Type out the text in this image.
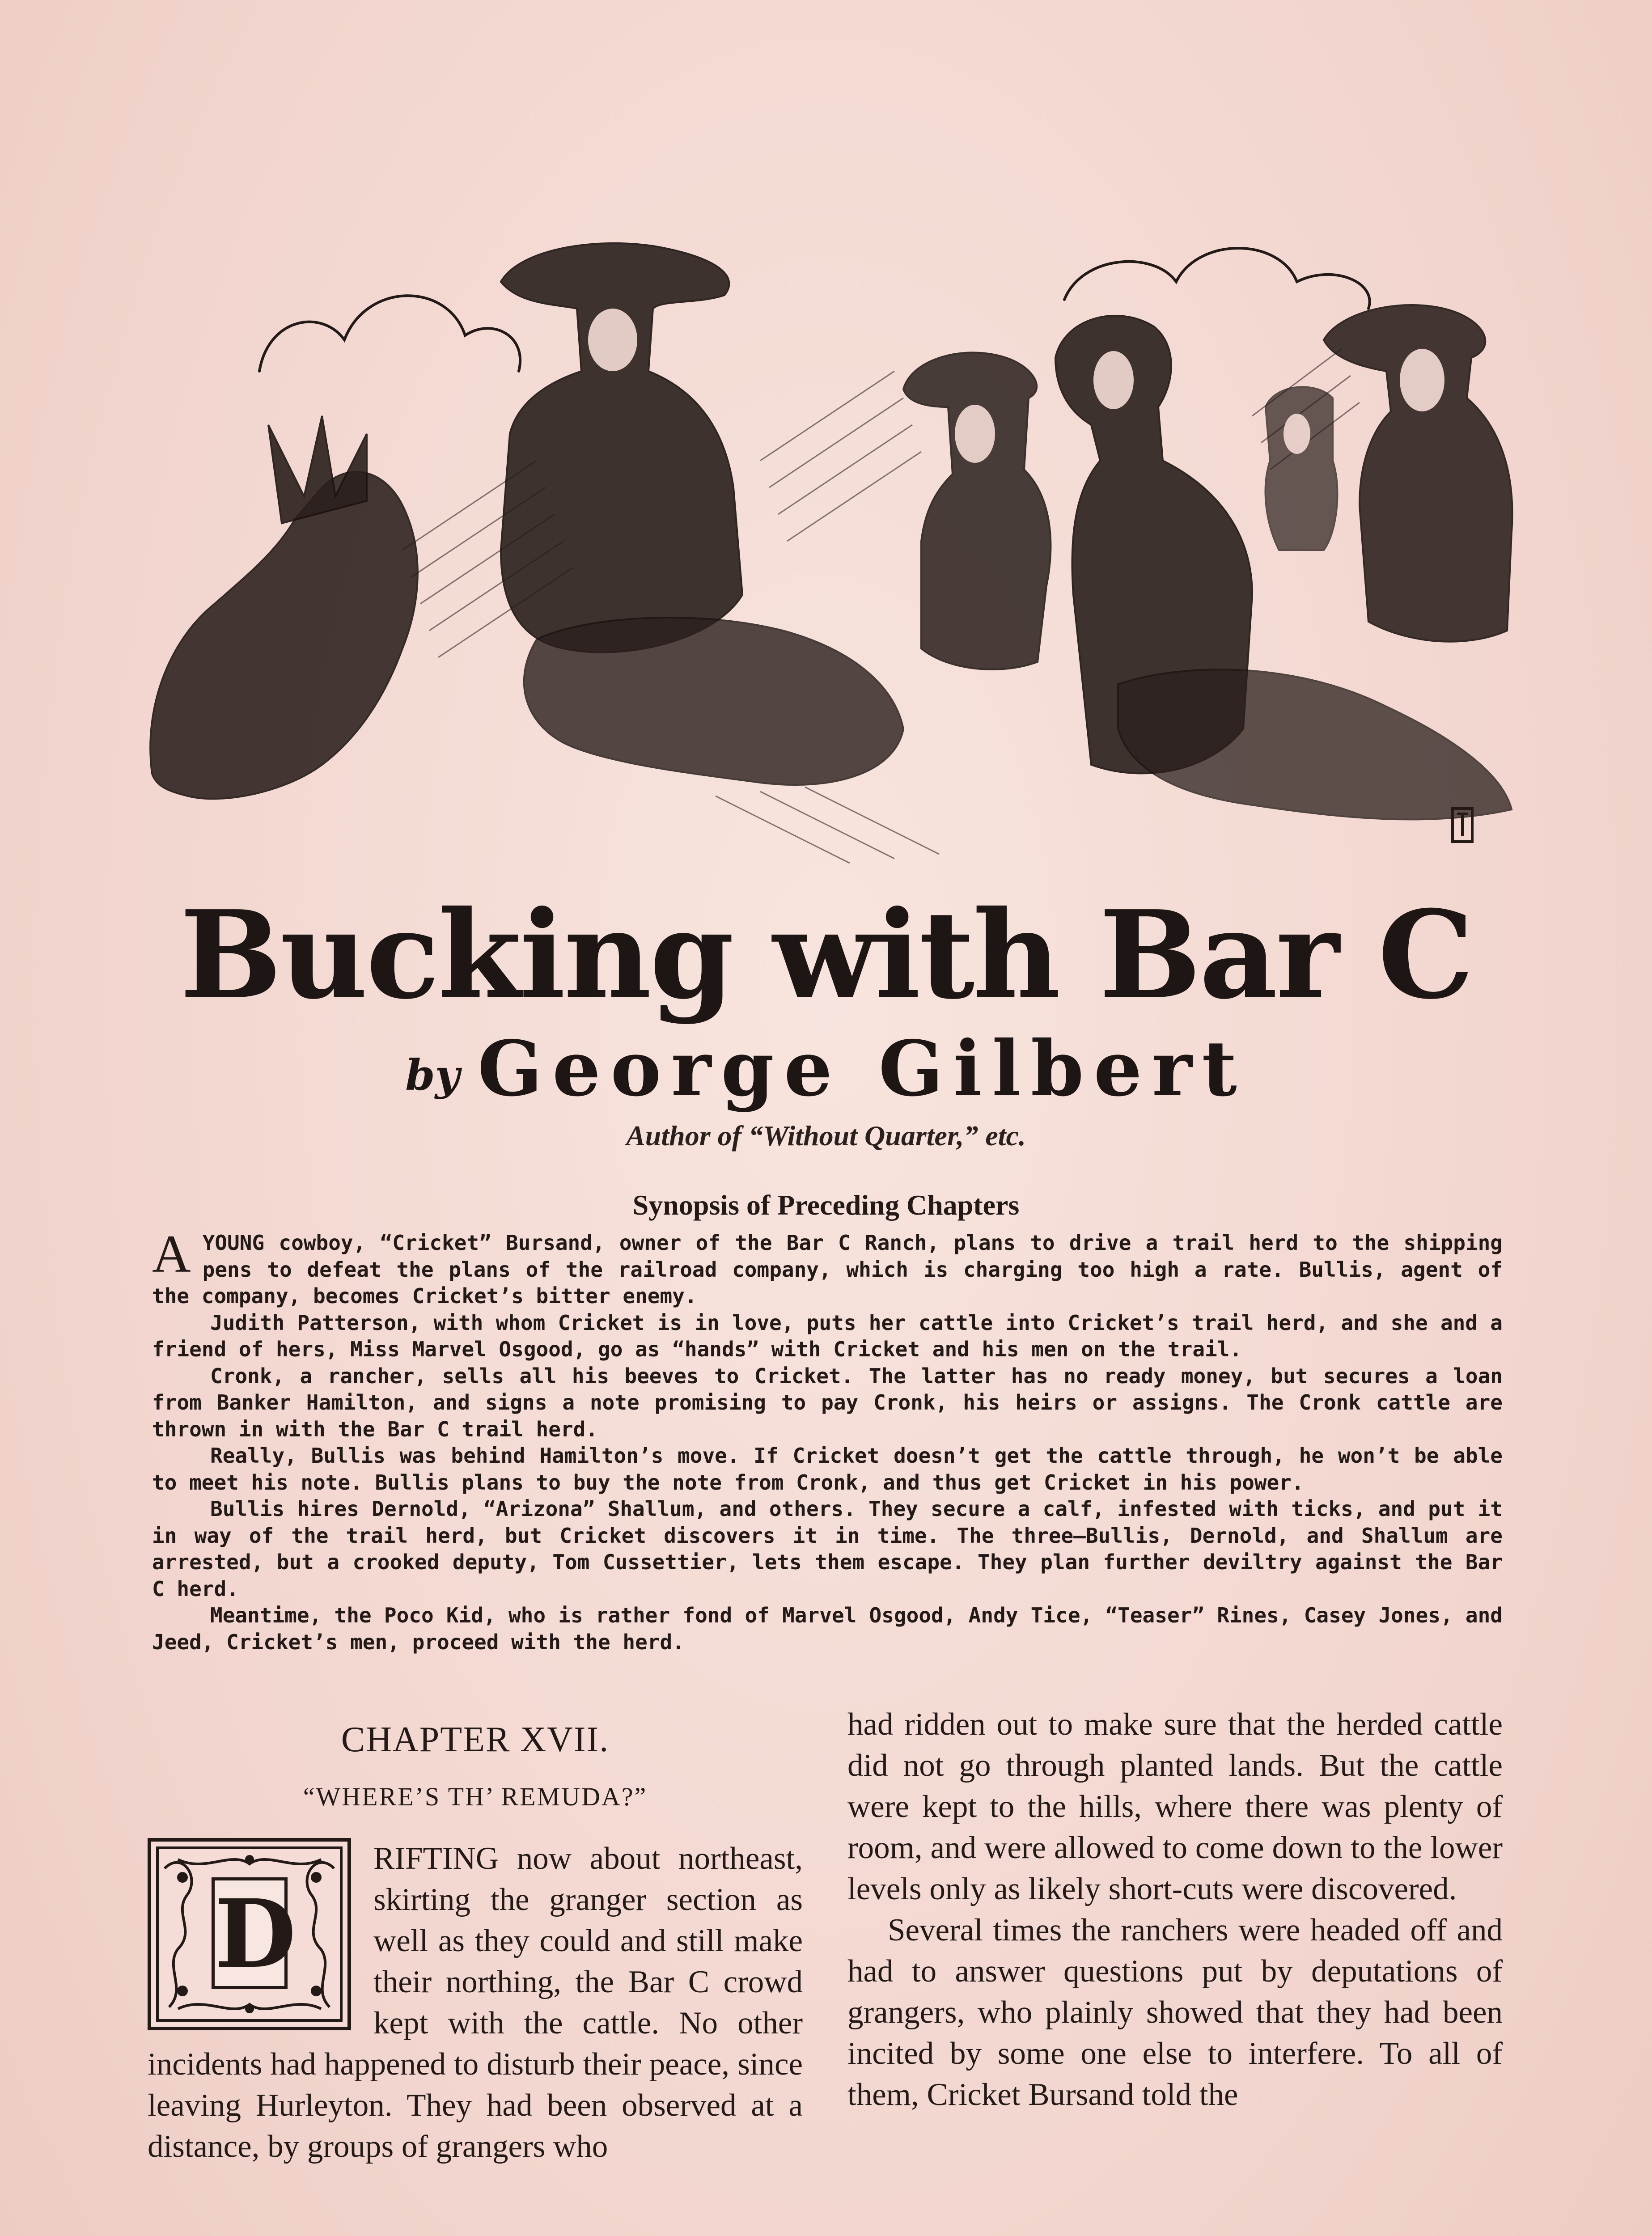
Bucking with Bar C
by George Gilbert
Author of “Without Quarter,” etc.
Synopsis of Preceding Chapters

AYOUNG cowboy, “Cricket” Bursand, owner of the Bar C Ranch, plans to drive a trail herd to the shipping pens to defeat the plans of the railroad company, which is charging too high a rate. Bullis, agent of the company, becomes Cricket’s bitter enemy.

Judith Patterson, with whom Cricket is in love, puts her cattle into Cricket’s trail herd, and she and a friend of hers, Miss Marvel Osgood, go as “hands” with Cricket and his men on the trail.

Cronk, a rancher, sells all his beeves to Cricket. The latter has no ready money, but secures a loan from Banker Hamilton, and signs a note promising to pay Cronk, his heirs or assigns. The Cronk cattle are thrown in with the Bar C trail herd.

Really, Bullis was behind Hamilton’s move. If Cricket doesn’t get the cattle through, he won’t be able to meet his note. Bullis plans to buy the note from Cronk, and thus get Cricket in his power.

Bullis hires Dernold, “Arizona” Shallum, and others. They secure a calf, infested with ticks, and put it in way of the trail herd, but Cricket discovers it in time. The three—Bullis, Dernold, and Shallum are arrested, but a crooked deputy, Tom Cussettier, lets them escape. They plan further deviltry against the Bar C herd.

Meantime, the Poco Kid, who is rather fond of Marvel Osgood, Andy Tice, “Teaser” Rines, Casey Jones, and Jeed, Cricket’s men, proceed with the herd.

CHAPTER XVII.
“WHERE’S TH’ REMUDA?”

D
RIFTING now about northeast, skirting the granger section as well as they could and still make their northing, the Bar C crowd kept with the cattle. No other incidents had happened to disturb their peace, since leaving Hurleyton. They had been observed at a distance, by groups of grangers who

had ridden out to make sure that the herded cattle did not go through planted lands. But the cattle were kept to the hills, where there was plenty of room, and were allowed to come down to the lower levels only as likely short-cuts were discovered.

Several times the ranchers were headed off and had to answer questions put by deputations of grangers, who plainly showed that they had been incited by some one else to interfere. To all of them, Cricket Bursand told the
